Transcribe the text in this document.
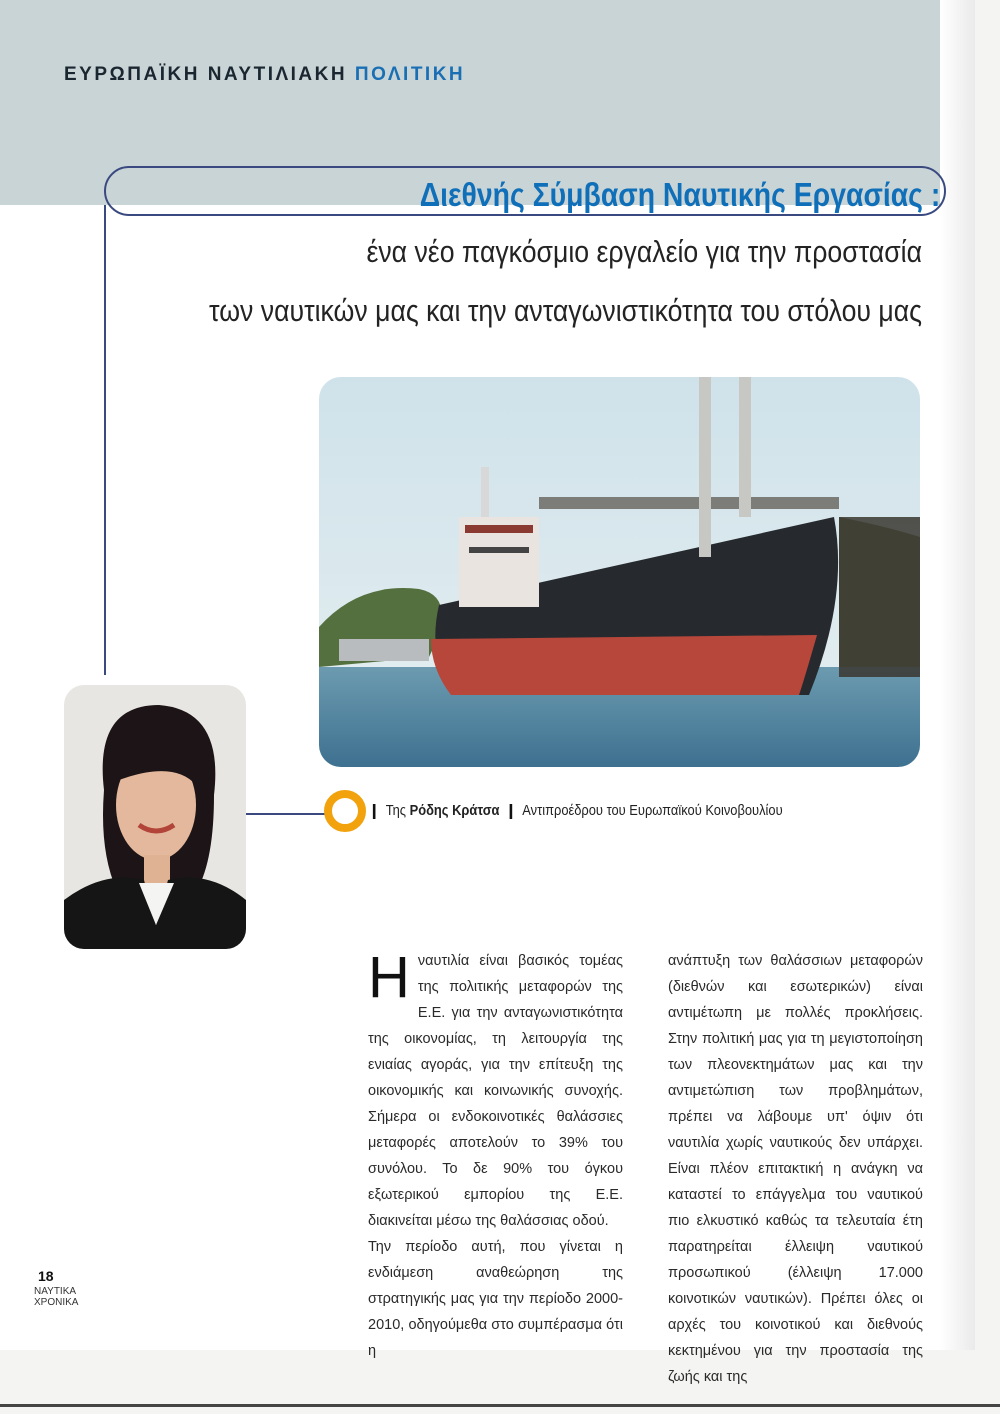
ΕΥΡΩΠΑΪΚΗ ΝΑΥΤΙΛΙΑΚΗ ΠΟΛΙΤΙΚΗ
Διεθνής Σύμβαση Ναυτικής Εργασίας :
ένα νέο παγκόσμιο εργαλείο για την προστασία
των ναυτικών μας και την ανταγωνιστικότητα του στόλου μας
Της Ρόδης Κράτσα Αντιπροέδρου του Ευρωπαϊκού Κοινοβουλίου

Ηναυτιλία είναι βασικός τομέας της πολιτικής μεταφορών της Ε.Ε. για την ανταγωνιστικότητα της οικονομίας, τη λειτουργία της ενιαίας αγοράς, για την επίτευξη της οικονομικής και κοινωνικής συνοχής. Σήμερα οι ενδοκοινοτικές θαλάσσιες μεταφορές αποτελούν το 39% του συνόλου. Το δε 90% του όγκου εξωτερικού εμπορίου της Ε.Ε. διακινείται μέσω της θαλάσσιας οδού.

Την περίοδο αυτή, που γίνεται η ενδιάμεση αναθεώρηση της στρατηγικής μας για την περίοδο 2000-2010, οδηγούμεθα στο συμπέρασμα ότι η

ανάπτυξη των θαλάσσιων μεταφορών (διεθνών και εσωτερικών) είναι αντιμέτωπη με πολλές προκλήσεις. Στην πολιτική μας για τη μεγιστοποίηση των πλεονεκτημάτων μας και την αντιμετώπιση των προβλημάτων, πρέπει να λάβουμε υπ' όψιν ότι ναυτιλία χωρίς ναυτικούς δεν υπάρχει. Είναι πλέον επιτακτική η ανάγκη να καταστεί το επάγγελμα του ναυτικού πιο ελκυστικό καθώς τα τελευταία έτη παρατηρείται έλλειψη ναυτικού προσωπικού (έλλειψη 17.000 κοινοτικών ναυτικών). Πρέπει όλες οι αρχές του κοινοτικού και διεθνούς κεκτημένου για την προστασία της ζωής και της

18
ΝΑΥΤΙΚΑ
ΧΡΟΝΙΚΑ
